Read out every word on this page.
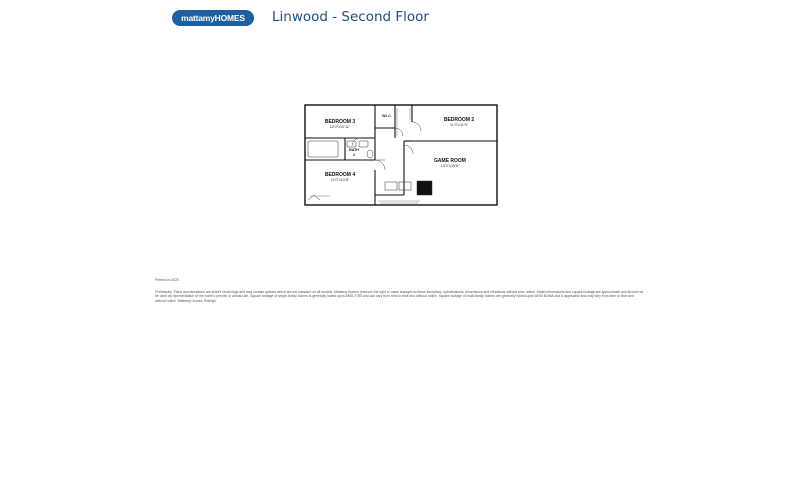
mattamyHOMES	Linwood - Second Floor
BEDROOM 3
12'0"x10'11"
BEDROOM 2
11'0"x11'9"
GAME ROOM
13'3"x19'8"
BEDROOM 4
11'0"x10'8"
W.I.C.
BATH
2

Printed on 2025

Preliminary. Plans and elevations are artist's renderings and may contain options which are not standard on all models. Mattamy Homes reserves the right to make changes to these floorplans, specifications, dimensions and elevations without prior notice. Stated dimensions and square footage are approximate and should not be used as representation of the home's precise or actual size. Square footage of single-family homes is generally based upon ANSI Z765 and can vary from time to time and without notice. Square footage of multi-family homes are generally based upon ANSI BOMA and is applicable and may vary from time to time and without notice. Mattamy Homes, Raleigh.
